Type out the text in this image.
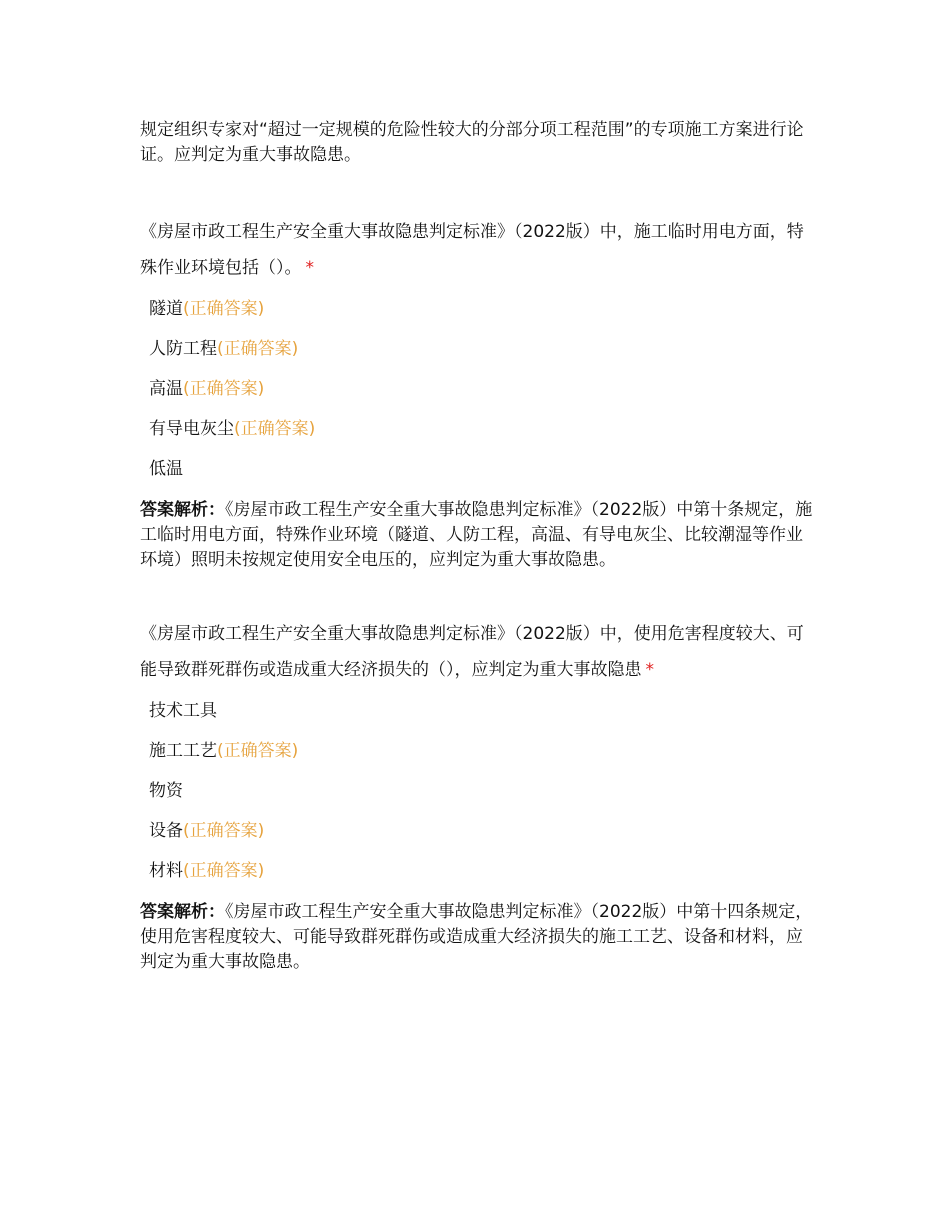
规定组织专家对“超过一定规模的危险性较大的分部分项工程范围”的专项施工方案进行论证。应判定为重大事故隐患。

《房屋市政工程生产安全重大事故隐患判定标准》（2022版）中，施工临时用电方面，特殊作业环境包括（）。 *

隧道(正确答案)
人防工程(正确答案)
高温(正确答案)
有导电灰尘(正确答案)
低温

答案解析：《房屋市政工程生产安全重大事故隐患判定标准》（2022版）中第十条规定，施工临时用电方面，特殊作业环境（隧道、人防工程，高温、有导电灰尘、比较潮湿等作业环境）照明未按规定使用安全电压的，应判定为重大事故隐患。

《房屋市政工程生产安全重大事故隐患判定标准》（2022版）中，使用危害程度较大、可能导致群死群伤或造成重大经济损失的（），应判定为重大事故隐患 *

技术工具
施工工艺(正确答案)
物资
设备(正确答案)
材料(正确答案)

答案解析：《房屋市政工程生产安全重大事故隐患判定标准》（2022版）中第十四条规定，使用危害程度较大、可能导致群死群伤或造成重大经济损失的施工工艺、设备和材料，应判定为重大事故隐患。
